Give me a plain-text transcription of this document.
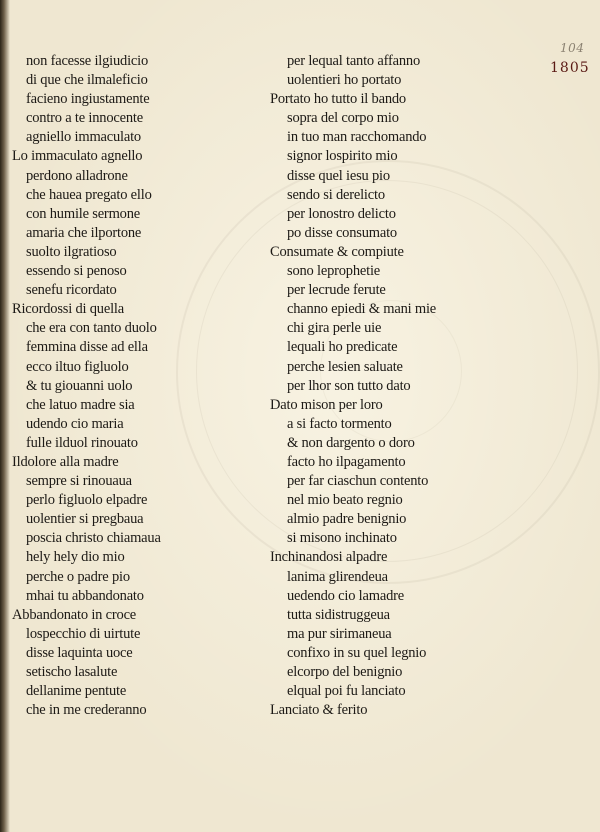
104
1805
non facesse ilgiudicio
di que che ilmaleficio
facieno ingiustamente
contro a te innocente
agniello immaculato
Lo immaculato agnello
perdono alladrone
che hauea pregato ello
con humile sermone
amaria che ilportone
suolto ilgratioso
essendo si penoso
senefu ricordato
Ricordossi di quella
che era con tanto duolo
femmina disse ad ella
ecco iltuo figluolo
& tu giouanni uolo
che latuo madre sia
udendo cio maria
fulle ilduol rinouato
Ildolore alla madre
sempre si rinouaua
perlo figluolo elpadre
uolentier si pregbaua
poscia christo chiamaua
hely hely dio mio
perche o padre pio
mhai tu abbandonato
Abbandonato in croce
lospecchio di uirtute
disse laquinta uoce
setischo lasalute
dellanime pentute
che in me crederanno
per lequal tanto affanno
uolentieri ho portato
Portato ho tutto il bando
sopra del corpo mio
in tuo man racchomando
signor lospirito mio
disse quel iesu pio
sendo si derelicto
per lonostro delicto
po disse consumato
Consumate & compiute
sono leprophetie
per lecrude ferute
channo epiedi & mani mie
chi gira perle uie
lequali ho predicate
perche lesien saluate
per lhor son tutto dato
Dato mison per loro
a si facto tormento
& non dargento o doro
facto ho ilpagamento
per far ciaschun contento
nel mio beato regnio
almio padre benignio
si misono inchinato
Inchinandosi alpadre
lanima glirendeua
uedendo cio lamadre
tutta sidistruggeua
ma pur sirimaneua
confixo in su quel legnio
elcorpo del benignio
elqual poi fu lanciato
Lanciato & ferito
